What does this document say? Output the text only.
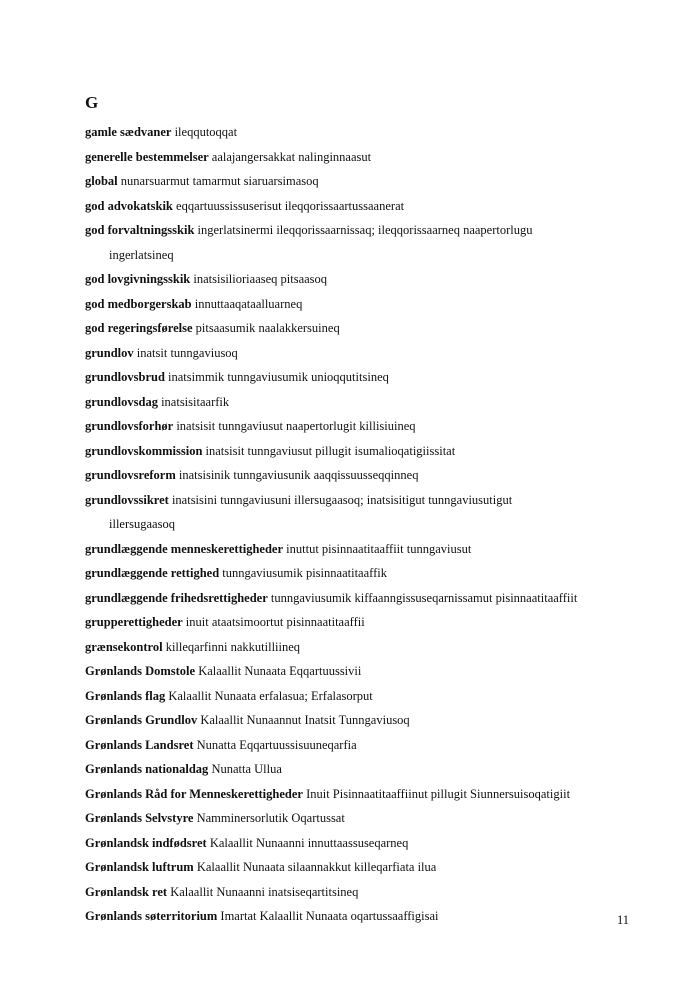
G
gamle sædvaner ileqqutoqqat
generelle bestemmelser aalajangersakkat nalinginnaasut
global nunarsuarmut tamarmut siaruarsimasoq
god advokatskik eqqartuussissuserisut ileqqorissaartussaanerat
god forvaltningsskik ingerlatsinermi ileqqorissaarnissaq; ileqqorissaarneq naapertorlugu
ingerlatsineq
god lovgivningsskik inatsisilioriaaseq pitsaasoq
god medborgerskab innuttaaqataalluarneq
god regeringsførelse pitsaasumik naalakkersuineq
grundlov inatsit tunngaviusoq
grundlovsbrud inatsimmik tunngaviusumik unioqqutitsineq
grundlovsdag inatsisitaarfik
grundlovsforhør inatsisit tunngaviusut naapertorlugit killisiuineq
grundlovskommission inatsisit tunngaviusut pillugit isumalioqatigiissitat
grundlovsreform inatsisinik tunngaviusunik aaqqissuusseqqinneq
grundlovssikret inatsisini tunngaviusuni illersugaasoq; inatsisitigut tunngaviusutigut
illersugaasoq
grundlæggende menneskerettigheder inuttut pisinnaatitaaffiit tunngaviusut
grundlæggende rettighed tunngaviusumik pisinnaatitaaffik
grundlæggende frihedsrettigheder tunngaviusumik kiffaanngissuseqarnissamut pisinnaatitaaffiit
grupperettigheder inuit ataatsimoortut pisinnaatitaaffii
grænsekontrol killeqarfinni nakkutilliineq
Grønlands Domstole Kalaallit Nunaata Eqqartuussivii
Grønlands flag Kalaallit Nunaata erfalasua; Erfalasorput
Grønlands Grundlov Kalaallit Nunaannut Inatsit Tunngaviusoq
Grønlands Landsret Nunatta Eqqartuussisuuneqarfia
Grønlands nationaldag Nunatta Ullua
Grønlands Råd for Menneskerettigheder Inuit Pisinnaatitaaffiinut pillugit Siunnersuisoqatigiit
Grønlands Selvstyre Namminersorlutik Oqartussat
Grønlandsk indfødsret Kalaallit Nunaanni innuttaassuseqarneq
Grønlandsk luftrum Kalaallit Nunaata silaannakkut killeqarfiata ilua
Grønlandsk ret Kalaallit Nunaanni inatsiseqartitsineq
Grønlands søterritorium Imartat Kalaallit Nunaata oqartussaaffigisai	11
